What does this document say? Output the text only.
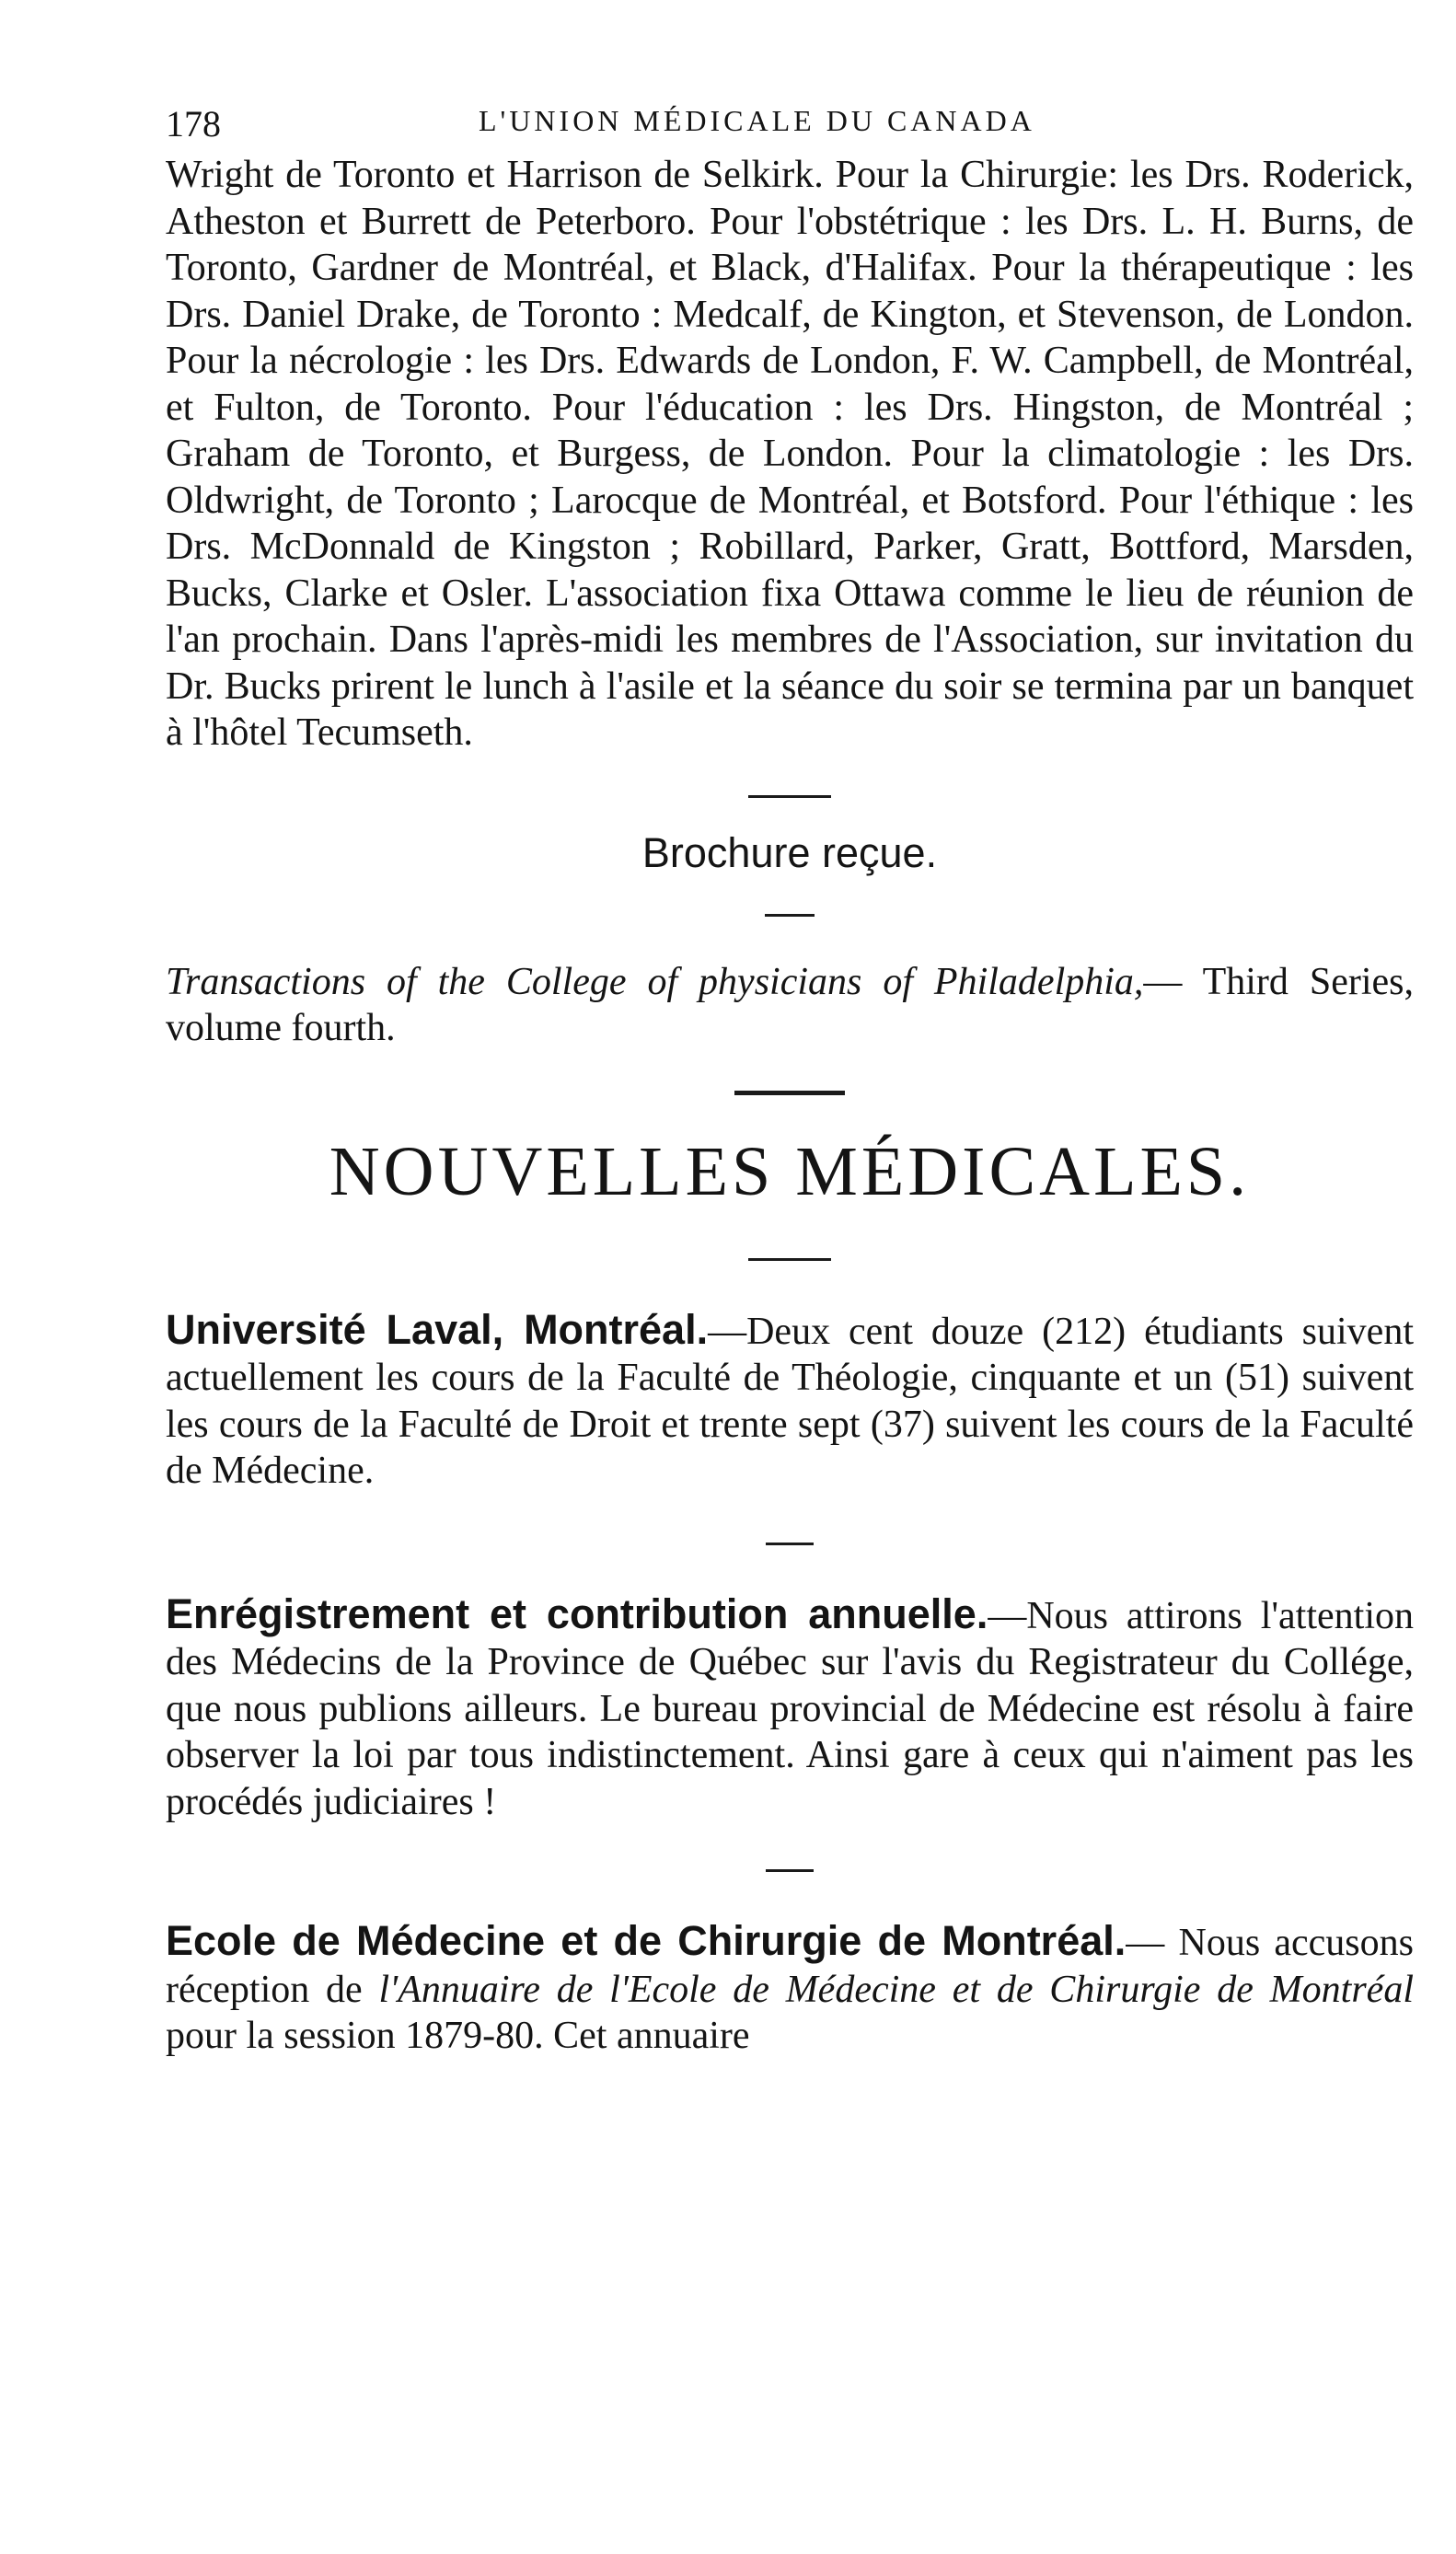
178	L'UNION MÉDICALE DU CANADA

Wright de Toronto et Harrison de Selkirk. Pour la Chirurgie: les Drs. Roderick, Atheston et Burrett de Peterboro. Pour l'obstétrique : les Drs. L. H. Burns, de Toronto, Gardner de Montréal, et Black, d'Halifax. Pour la thérapeutique : les Drs. Daniel Drake, de Toronto : Medcalf, de Kington, et Stevenson, de London. Pour la nécrologie : les Drs. Edwards de London, F. W. Campbell, de Montréal, et Fulton, de Toronto. Pour l'éducation : les Drs. Hingston, de Montréal ; Graham de Toronto, et Burgess, de London. Pour la climatologie : les Drs. Oldwright, de Toronto ; Larocque de Montréal, et Botsford. Pour l'éthique : les Drs. McDonnald de Kingston ; Robillard, Parker, Gratt, Bottford, Marsden, Bucks, Clarke et Osler. L'association fixa Ottawa comme le lieu de réunion de l'an prochain. Dans l'après-midi les membres de l'Association, sur invitation du Dr. Bucks prirent le lunch à l'asile et la séance du soir se termina par un banquet à l'hôtel Tecumseth.

Brochure reçue.

Transactions of the College of physicians of Philadelphia,— Third Series, volume fourth.

NOUVELLES MÉDICALES.

Université Laval, Montréal.—Deux cent douze (212) étudiants suivent actuellement les cours de la Faculté de Théologie, cinquante et un (51) suivent les cours de la Faculté de Droit et trente sept (37) suivent les cours de la Faculté de Médecine.

Enrégistrement et contribution annuelle.—Nous attirons l'attention des Médecins de la Province de Québec sur l'avis du Registrateur du Collége, que nous publions ailleurs. Le bureau provincial de Médecine est résolu à faire observer la loi par tous indistinctement. Ainsi gare à ceux qui n'aiment pas les procédés judiciaires !

Ecole de Médecine et de Chirurgie de Montréal.— Nous accusons réception de l'Annuaire de l'Ecole de Médecine et de Chirurgie de Montréal pour la session 1879-80. Cet annuaire
